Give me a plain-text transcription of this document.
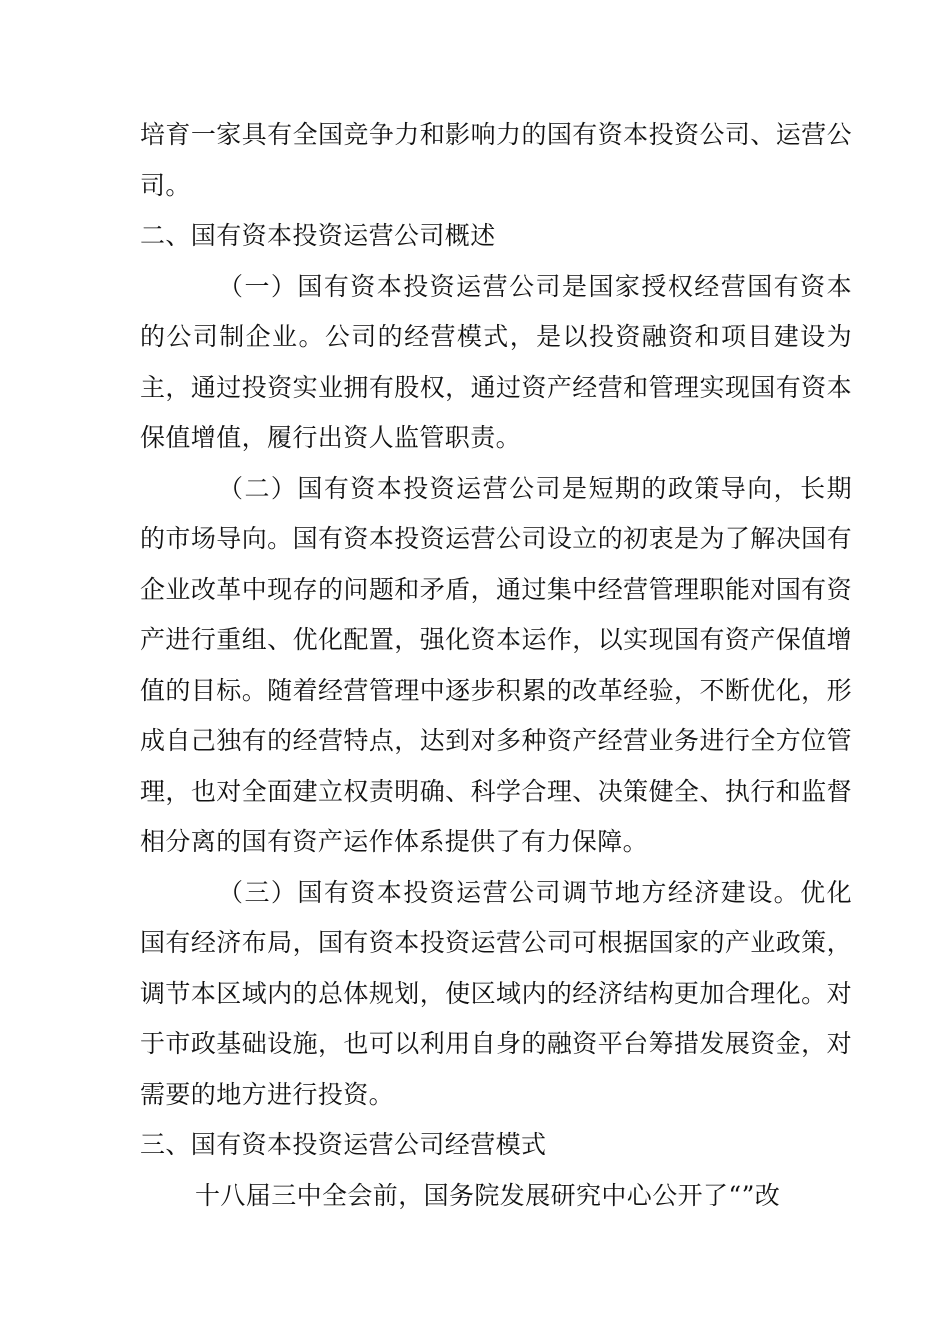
培育一家具有全国竞争力和影响力的国有资本投资公司、运营公司。

二、国有资本投资运营公司概述

（一）国有资本投资运营公司是国家授权经营国有资本的公司制企业。公司的经营模式，是以投资融资和项目建设为主，通过投资实业拥有股权，通过资产经营和管理实现国有资本保值增值，履行出资人监管职责。

（二）国有资本投资运营公司是短期的政策导向，长期的市场导向。国有资本投资运营公司设立的初衷是为了解决国有企业改革中现存的问题和矛盾，通过集中经营管理职能对国有资产进行重组、优化配置，强化资本运作，以实现国有资产保值增值的目标。随着经营管理中逐步积累的改革经验，不断优化，形成自己独有的经营特点，达到对多种资产经营业务进行全方位管理，也对全面建立权责明确、科学合理、决策健全、执行和监督相分离的国有资产运作体系提供了有力保障。

（三）国有资本投资运营公司调节地方经济建设。优化国有经济布局，国有资本投资运营公司可根据国家的产业政策，调节本区域内的总体规划，使区域内的经济结构更加合理化。对于市政基础设施，也可以利用自身的融资平台筹措发展资金，对需要的地方进行投资。

三、国有资本投资运营公司经营模式

十八届三中全会前，国务院发展研究中心公开了“”改
